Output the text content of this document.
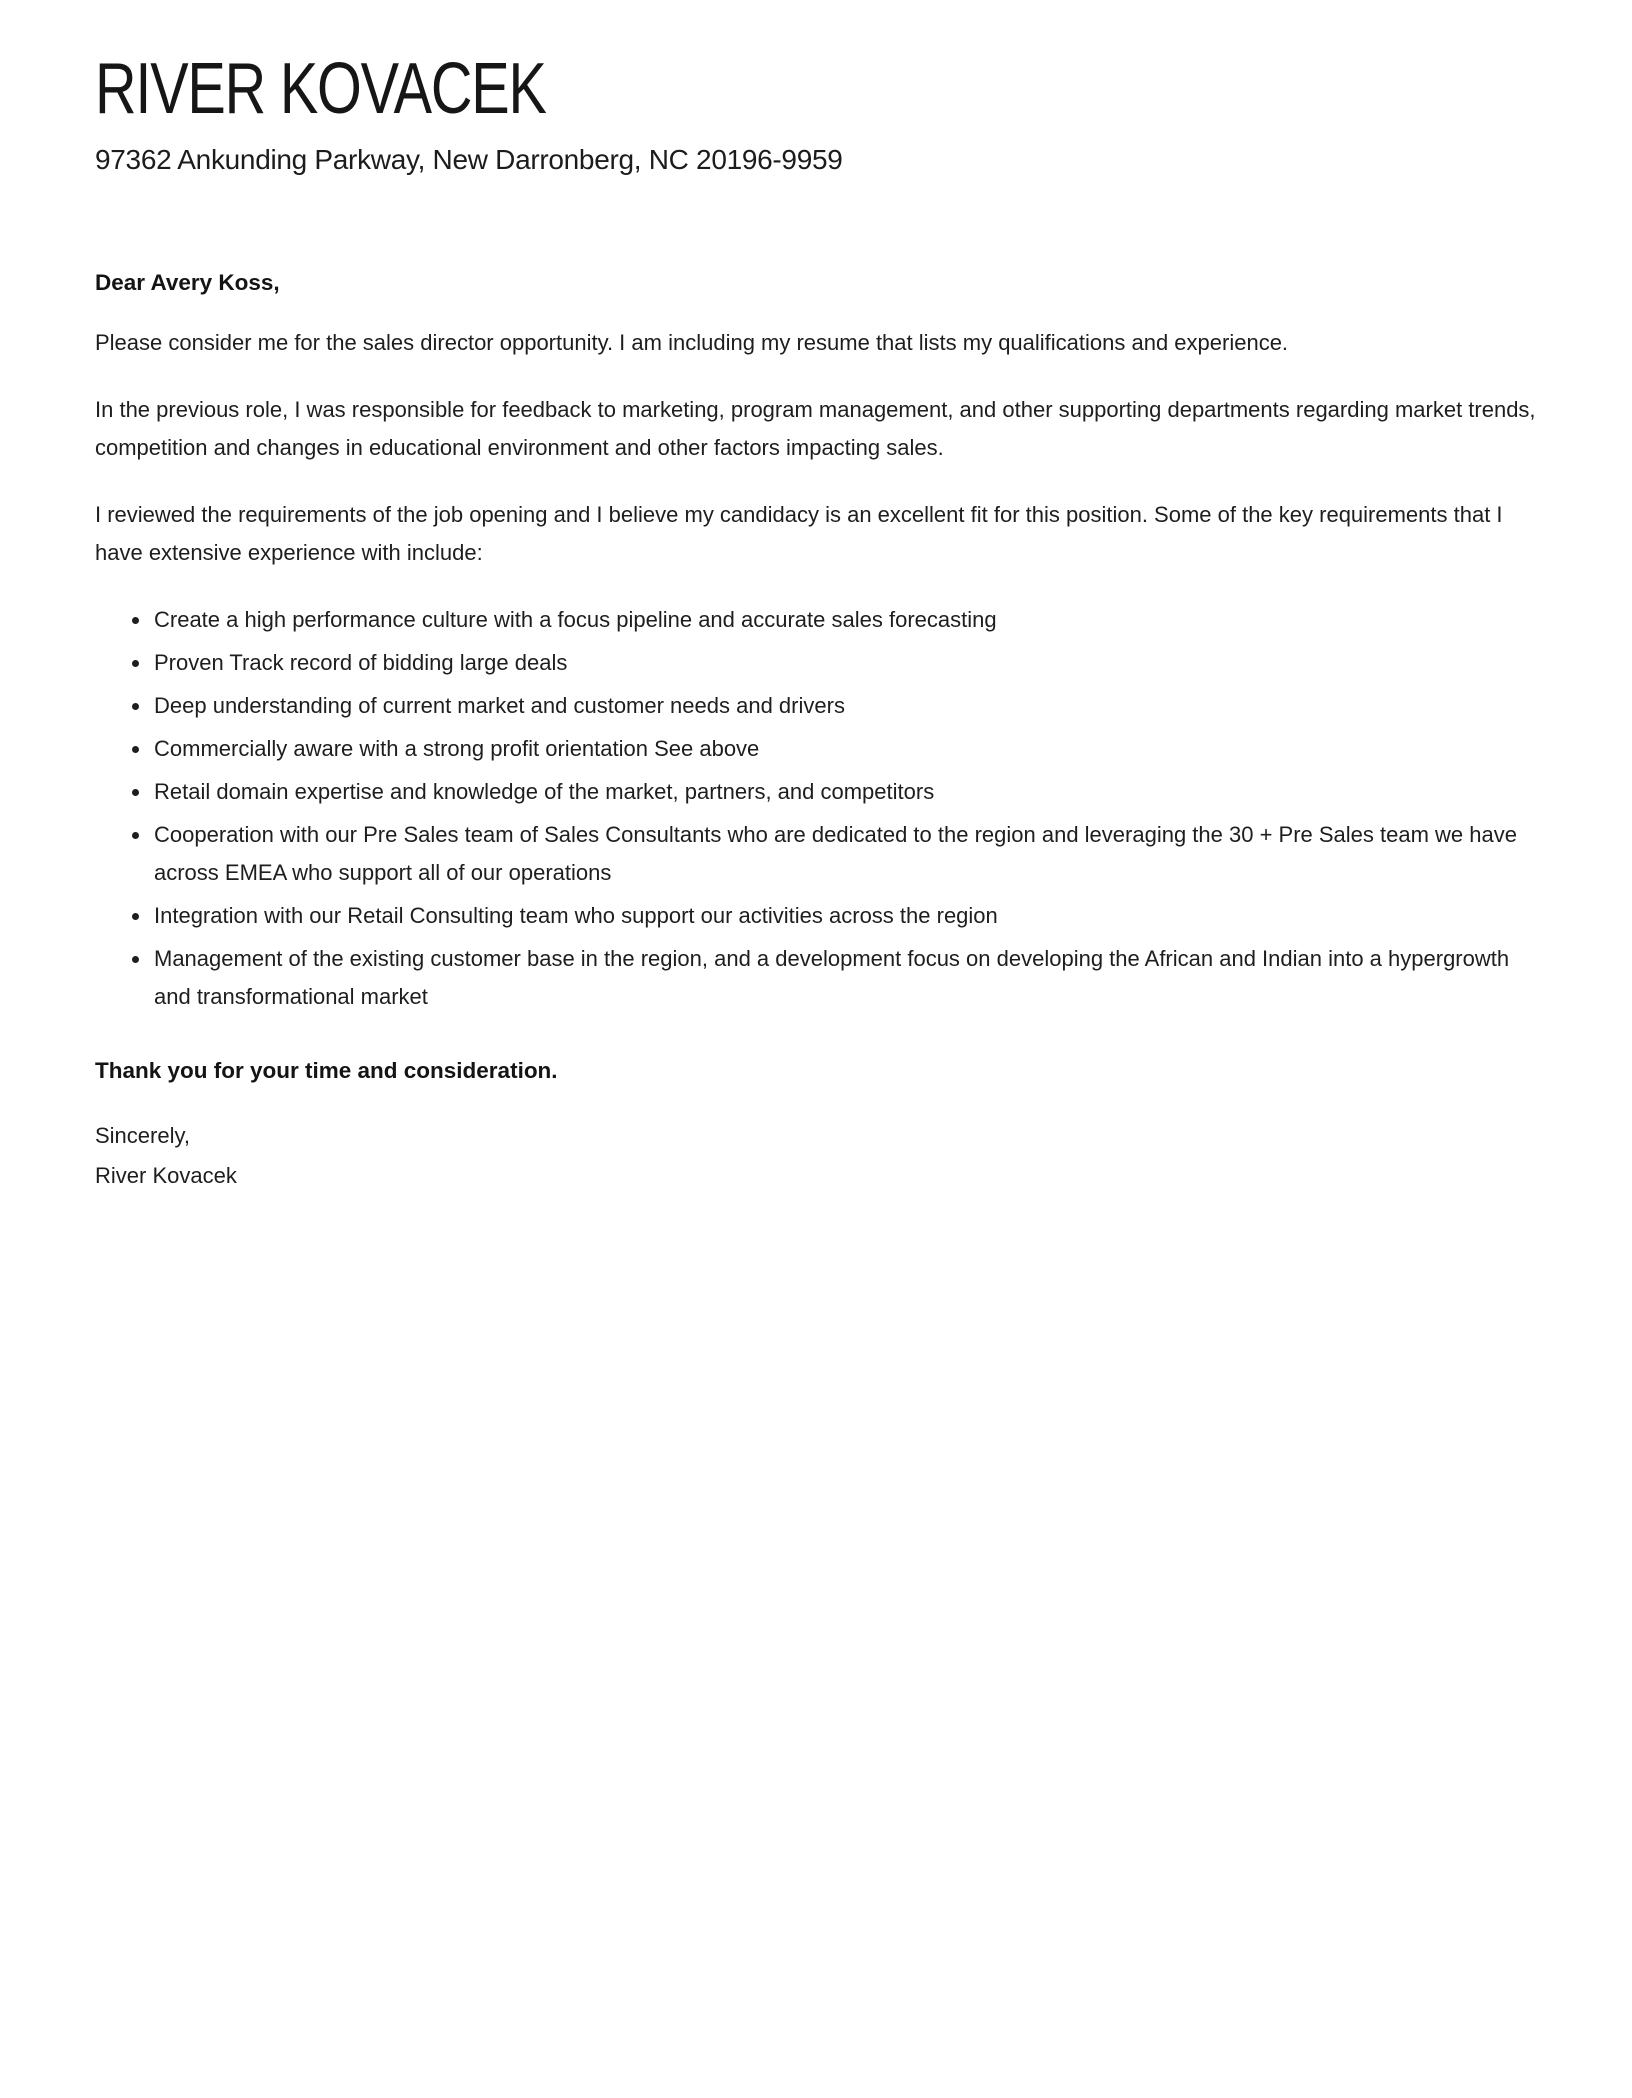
RIVER KOVACEK
97362 Ankunding Parkway, New Darronberg, NC 20196-9959
Dear Avery Koss,

Please consider me for the sales director opportunity. I am including my resume that lists my qualifications and experience.

In the previous role, I was responsible for feedback to marketing, program management, and other supporting departments regarding market trends, competition and changes in educational environment and other factors impacting sales.

I reviewed the requirements of the job opening and I believe my candidacy is an excellent fit for this position. Some of the key requirements that I have extensive experience with include:

• Create a high performance culture with a focus pipeline and accurate sales forecasting
• Proven Track record of bidding large deals
• Deep understanding of current market and customer needs and drivers
• Commercially aware with a strong profit orientation See above
• Retail domain expertise and knowledge of the market, partners, and competitors
• Cooperation with our Pre Sales team of Sales Consultants who are dedicated to the region and leveraging the 30 + Pre Sales team we have across EMEA who support all of our operations
• Integration with our Retail Consulting team who support our activities across the region
• Management of the existing customer base in the region, and a development focus on developing the African and Indian into a hypergrowth and transformational market
Thank you for your time and consideration.
Sincerely,
River Kovacek
